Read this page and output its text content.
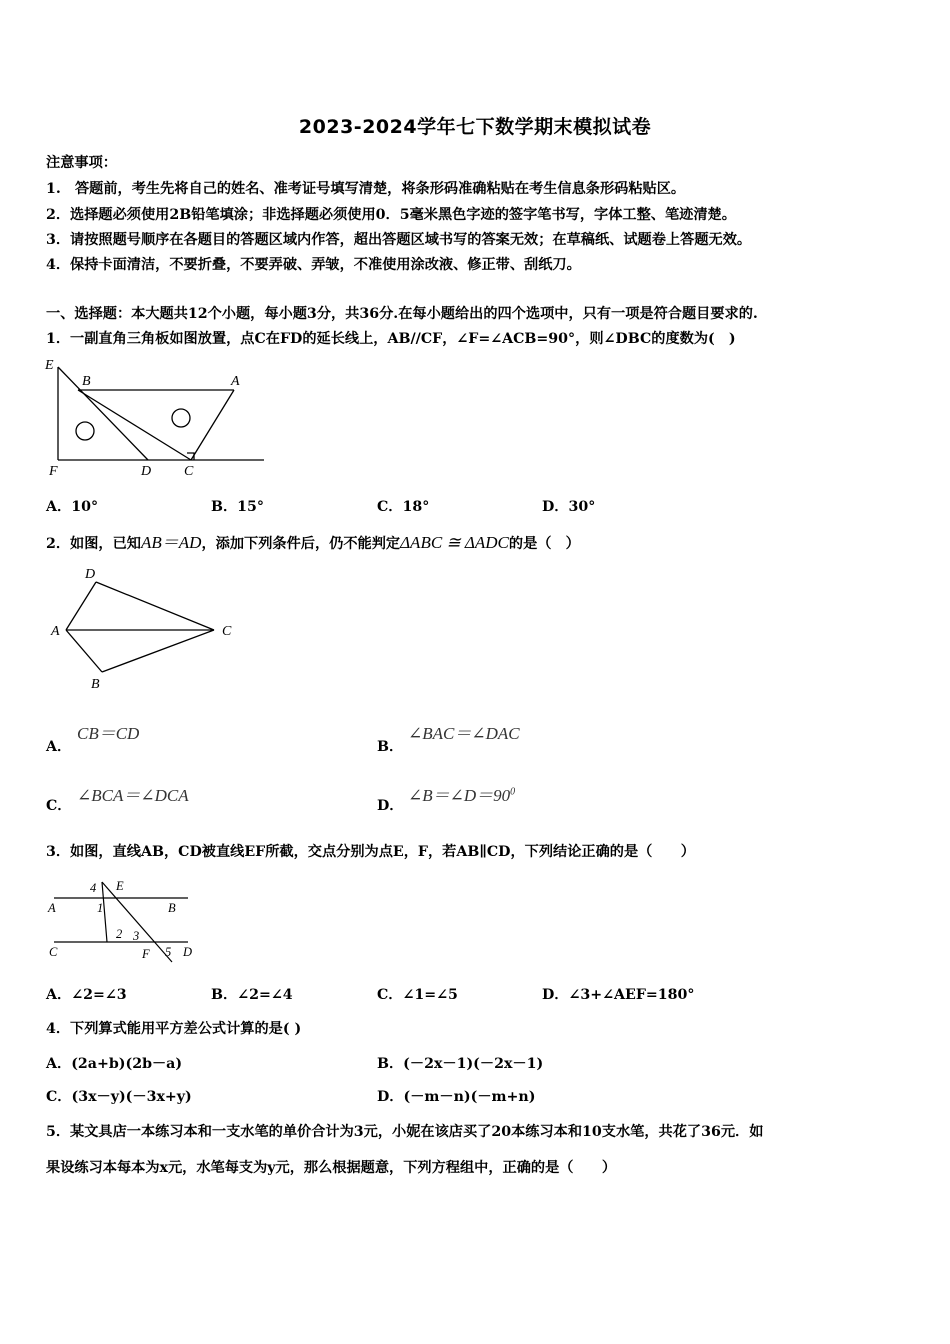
2023-2024学年七下数学期末模拟试卷
注意事项：
1.　答题前，考生先将自己的姓名、准考证号填写清楚，将条形码准确粘贴在考生信息条形码粘贴区。
2．选择题必须使用2B铅笔填涂；非选择题必须使用0．5毫米黑色字迹的签字笔书写，字体工整、笔迹清楚。
3．请按照题号顺序在各题目的答题区域内作答，超出答题区域书写的答案无效；在草稿纸、试题卷上答题无效。
4．保持卡面清洁，不要折叠，不要弄破、弄皱，不准使用涂改液、修正带、刮纸刀。
一、选择题：本大题共12个小题，每小题3分，共36分.在每小题给出的四个选项中，只有一项是符合题目要求的.
1．一副直角三角板如图放置，点C在FD的延长线上，AB//CF，∠F=∠ACB=90°，则∠DBC的度数为(　)
E
B	A
F	D C
A．10°	B．15°	C．18°	D．30°
2．如图，已知AB＝AD，添加下列条件后，仍不能判定ΔABC ≅ ΔADC的是（　）
D
A	C
B
A．
CB＝CD
B．
∠BAC＝∠DAC
C．
∠BCA＝∠DCA
D．
$\angle B=\angle D=90^0$
3．如图，直线AB，CD被直线EF所截，交点分别为点E，F，若AB∥CD，下列结论正确的是（　　）
4 E
A	1	B
2 3
C	F 5 D
A．∠2=∠3	B．∠2=∠4	C．∠1=∠5	D．∠3+∠AEF=180°
4．下列算式能用平方差公式计算的是( )
A．(2a+b)(2b－a)	B．(－2x－1)(－2x－1)
C．(3x－y)(－3x+y)	D．(－m－n)(－m+n)
5．某文具店一本练习本和一支水笔的单价合计为3元，小妮在该店买了20本练习本和10支水笔，共花了36元．如
果设练习本每本为x元，水笔每支为y元，那么根据题意，下列方程组中，正确的是（　　）
